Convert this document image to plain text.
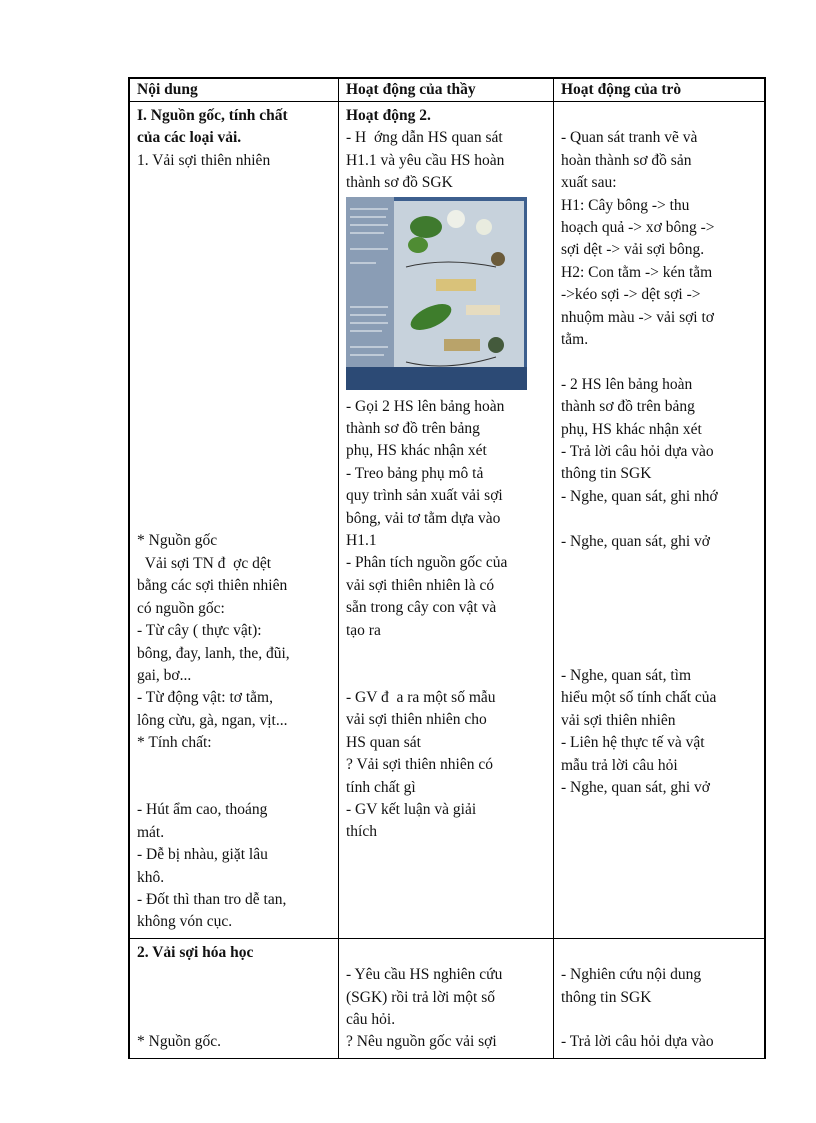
Nội dung	Hoạt động của thầy	Hoạt động của trò
I. Nguồn gốc, tính chất
của các loại vải.
1. Vải sợi thiên nhiên
* Nguồn gốc
Vải sợi TN đ  ợc dệt
bằng các sợi thiên nhiên
có nguồn gốc:
- Từ cây ( thực vật):
bông, đay, lanh, the, đũi,
gai, bơ...
- Từ động vật: tơ tằm,
lông cừu, gà, ngan, vịt...
* Tính chất:
- Hút ẩm cao, thoáng
mát.
- Dễ bị nhàu, giặt lâu
khô.
- Đốt thì than tro dễ tan,
không vón cục.
Hoạt động 2.
- H  ớng dẫn HS quan sát
H1.1 và yêu cầu HS hoàn
thành sơ đồ SGK
- Gọi 2 HS lên bảng hoàn
thành sơ đồ trên bảng
phụ, HS khác nhận xét
- Treo bảng phụ mô tả
quy trình sản xuất vải sợi
bông, vải tơ tằm dựa vào
H1.1
- Phân tích nguồn gốc của
vải sợi thiên nhiên là có
sẵn trong cây con vật và
tạo ra
- GV đ  a ra một số mẫu
vải sợi thiên nhiên cho
HS quan sát
? Vải sợi thiên nhiên có
tính chất gì
- GV kết luận và giải
thích
- Quan sát tranh vẽ và
hoàn thành sơ đồ sản
xuất sau:
H1: Cây bông -> thu
hoạch quả -> xơ bông ->
sợi dệt -> vải sợi bông.
H2: Con tằm -> kén tằm
->kéo sợi -> dệt sợi ->
nhuộm màu -> vải sợi tơ
tằm.
- 2 HS lên bảng hoàn
thành sơ đồ trên bảng
phụ, HS khác nhận xét
- Trả lời câu hỏi dựa vào
thông tin SGK
- Nghe, quan sát, ghi nhớ
- Nghe, quan sát, ghi vở
- Nghe, quan sát, tìm
hiểu một số tính chất của
vải sợi thiên nhiên
- Liên hệ thực tế và vật
mẫu trả lời câu hỏi
- Nghe, quan sát, ghi vở
2. Vải sợi hóa học
* Nguồn gốc.
- Yêu cầu HS nghiên cứu
(SGK) rồi trả lời một số
câu hỏi.
? Nêu nguồn gốc vải sợi
- Nghiên cứu nội dung
thông tin SGK
- Trả lời câu hỏi dựa vào
